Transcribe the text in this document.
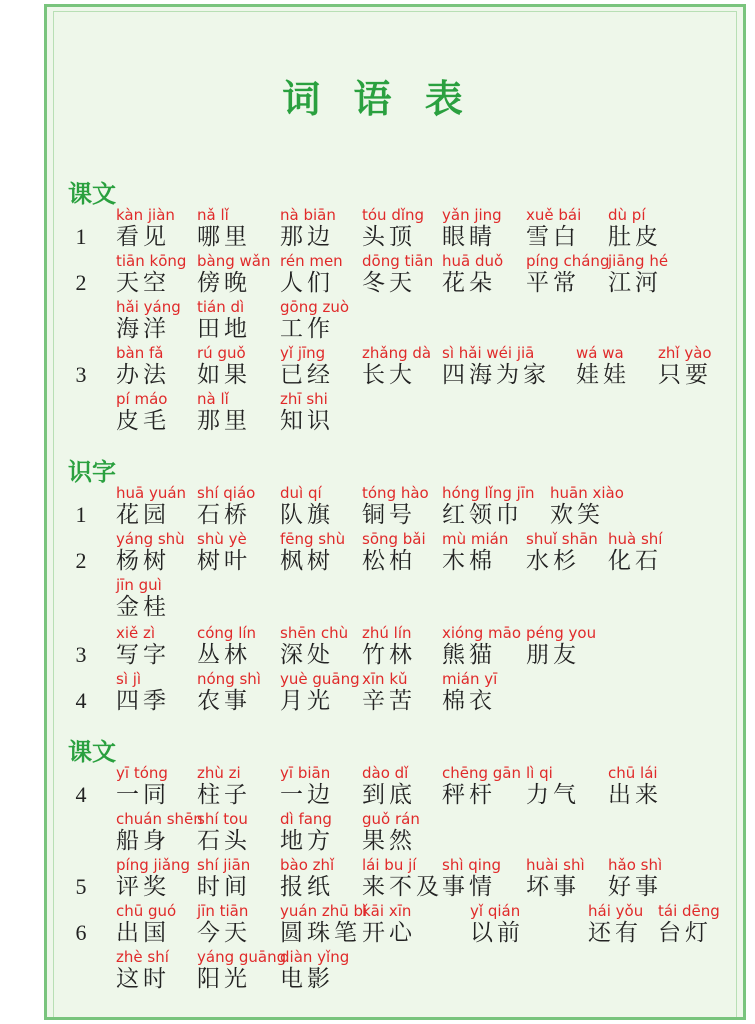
词 语 表
课文
1
kàn jiàn
看见
nǎ lǐ
哪里
nà biān
那边
tóu dǐng
头顶
yǎn jing
眼睛
xuě bái
雪白
dù pí
肚皮
2
tiān kōng
天空
bàng wǎn
傍晚
rén men
人们
dōng tiān
冬天
huā duǒ
花朵
píng cháng
平常
jiāng hé
江河
hǎi yáng
海洋
tián dì
田地
gōng zuò
工作
3
bàn fǎ
办法
rú guǒ
如果
yǐ jīng
已经
zhǎng dà
长大
sì hǎi wéi jiā
四海为家
wá wa
娃娃
zhǐ yào
只要
pí máo
皮毛
nà lǐ
那里
zhī shi
知识
识字
1
huā yuán
花园
shí qiáo
石桥
duì qí
队旗
tóng hào
铜号
hóng lǐng jīn
红领巾
huān xiào
欢笑
2
yáng shù
杨树
shù yè
树叶
fēng shù
枫树
sōng bǎi
松柏
mù mián
木棉
shuǐ shān
水杉
huà shí
化石
jīn guì
金桂
3
xiě zì
写字
cóng lín
丛林
shēn chù
深处
zhú lín
竹林
xióng māo
熊猫
péng you
朋友
4
sì jì
四季
nóng shì
农事
yuè guāng
月光
xīn kǔ
辛苦
mián yī
棉衣
课文
4
yī tóng
一同
zhù zi
柱子
yī biān
一边
dào dǐ
到底
chēng gān
秤杆
lì qi
力气
chū lái
出来
chuán shēn
船身
shí tou
石头
dì fang
地方
guǒ rán
果然
5
píng jiǎng
评奖
shí jiān
时间
bào zhǐ
报纸
lái bu jí
来不及
shì qing
事情
huài shì
坏事
hǎo shì
好事
6
chū guó
出国
jīn tiān
今天
yuán zhū bǐ
圆珠笔
kāi xīn
开心
yǐ qián
以前
hái yǒu
还有
tái dēng
台灯
zhè shí
这时
yáng guāng
阳光
diàn yǐng
电影
